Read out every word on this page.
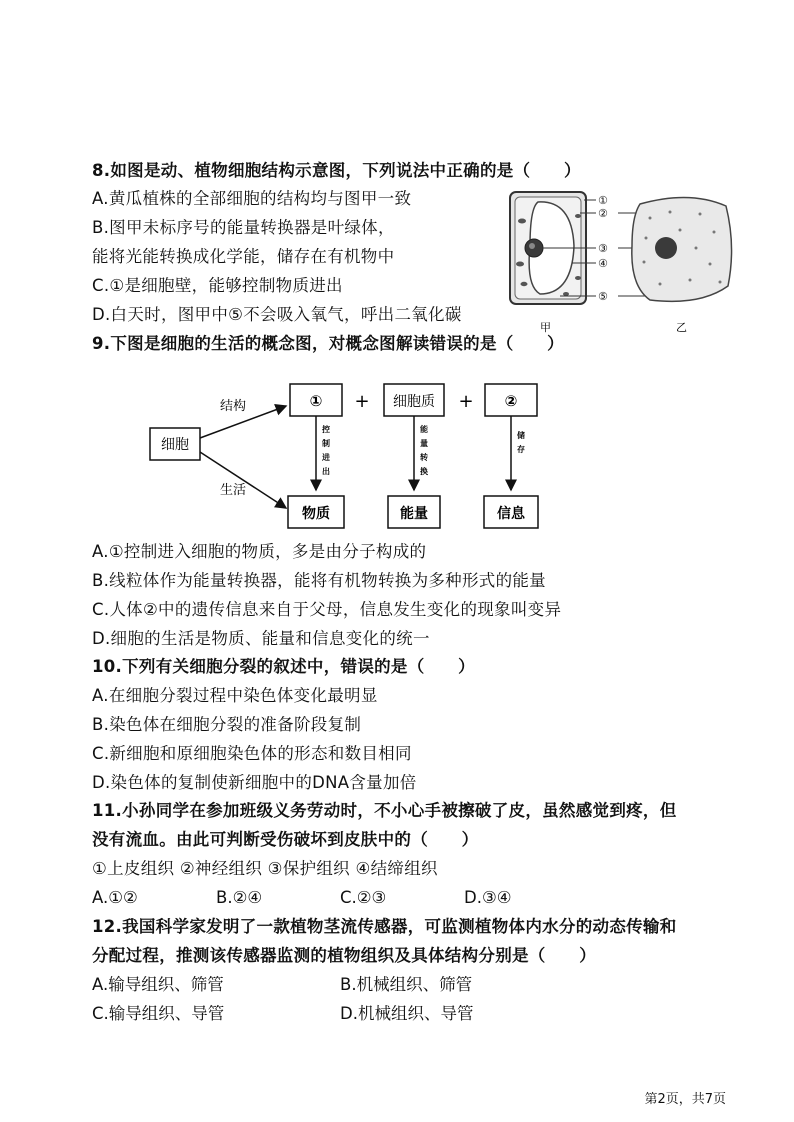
8.如图是动、植物细胞结构示意图，下列说法中正确的是（　　）
A.黄瓜植株的全部细胞的结构均与图甲一致
B.图甲未标序号的能量转换器是叶绿体，
能将光能转换成化学能，储存在有机物中
C.①是细胞壁，能够控制物质进出
D.白天时，图甲中⑤不会吸入氧气，呼出二氧化碳
①
②
③
④
⑤
甲	乙
9.下图是细胞的生活的概念图，对概念图解读错误的是（　　）
细胞
结构
生活
① + 细胞质 + ②
控
制
进
出
能
量
转
换
储
存
物质	能量	信息
A.①控制进入细胞的物质，多是由分子构成的
B.线粒体作为能量转换器，能将有机物转换为多种形式的能量
C.人体②中的遗传信息来自于父母，信息发生变化的现象叫变异
D.细胞的生活是物质、能量和信息变化的统一
10.下列有关细胞分裂的叙述中，错误的是（　　）
A.在细胞分裂过程中染色体变化最明显
B.染色体在细胞分裂的准备阶段复制
C.新细胞和原细胞染色体的形态和数目相同
D.染色体的复制使新细胞中的DNA含量加倍
11.小孙同学在参加班级义务劳动时，不小心手被擦破了皮，虽然感觉到疼，但
没有流血。由此可判断受伤破坏到皮肤中的（　　）
①上皮组织 ②神经组织 ③保护组织 ④结缔组织
A.①②	B.②④	C.②③	D.③④
12.我国科学家发明了一款植物茎流传感器，可监测植物体内水分的动态传输和
分配过程，推测该传感器监测的植物组织及具体结构分别是（　　）
A.输导组织、筛管	B.机械组织、筛管
C.输导组织、导管	D.机械组织、导管
第2页，共7页
